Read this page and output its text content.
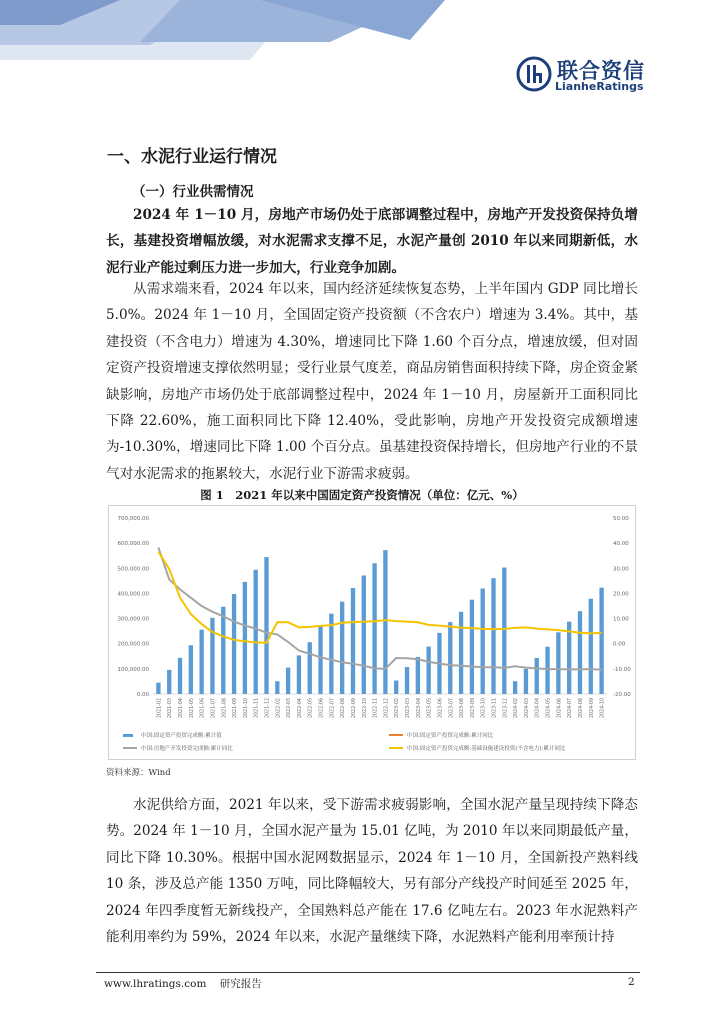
联合资信
LianheRatings
一、水泥行业运行情况
（一）行业供需情况
2024 年 1－10 月，房地产市场仍处于底部调整过程中，房地产开发投资保持负增长，基建投资增幅放缓，对水泥需求支撑不足，水泥产量创 2010 年以来同期新低，水泥行业产能过剩压力进一步加大，行业竞争加剧。
从需求端来看，2024 年以来，国内经济延续恢复态势，上半年国内 GDP 同比增长 5.0%。2024 年 1－10 月，全国固定资产投资额（不含农户）增速为 3.4%。其中，基建投资（不含电力）增速为 4.30%，增速同比下降 1.60 个百分点，增速放缓，但对固定资产投资增速支撑依然明显；受行业景气度差，商品房销售面积持续下降，房企资金紧缺影响，房地产市场仍处于底部调整过程中，2024 年 1－10 月，房屋新开工面积同比下降 22.60%，施工面积同比下降 12.40%，受此影响，房地产开发投资完成额增速为-10.30%，增速同比下降 1.00 个百分点。虽基建投资保持增长，但房地产行业的不景气对水泥需求的拖累较大，水泥行业下游需求疲弱。
图 1　2021 年以来中国固定资产投资情况（单位：亿元、%）
700,000.00
600,000.00
500,000.00
400,000.00
300,000.00
200,000.00
100,000.00
0.00
50.00
40.00
30.00
20.00
10.00
0.00
-10.00
-20.00
2021-02 2021-03 2021-04 2021-05 2021-06 2021-07 2021-08 2021-09 2021-10 2021-11 2021-12 2022-02 2022-03 2022-04 2022-05 2022-06 2022-07 2022-08 2022-09 2022-10 2022-11 2022-12 2023-02 2023-03 2023-04 2023-05 2023-06 2023-07 2023-08 2023-09 2023-10 2023-11 2023-12 2024-02 2024-03 2024-04 2024-05 2024-06 2024-07 2024-08 2024-09 2024-10
中国:固定资产投资完成额:累计值	中国:固定资产投资完成额:累计同比
中国:房地产开发投资完成额:累计同比	中国:固定资产投资完成额:基础设施建设投资(不含电力):累计同比
资料来源：Wind
水泥供给方面，2021 年以来，受下游需求疲弱影响，全国水泥产量呈现持续下降态势。2024 年 1－10 月，全国水泥产量为 15.01 亿吨，为 2010 年以来同期最低产量，同比下降 10.30%。根据中国水泥网数据显示，2024 年 1－10 月，全国新投产熟料线 10 条，涉及总产能 1350 万吨，同比降幅较大，另有部分产线投产时间延至 2025 年，2024 年四季度暂无新线投产，全国熟料总产能在 17.6 亿吨左右。2023 年水泥熟料产能利用率约为 59%，2024 年以来，水泥产量继续下降，水泥熟料产能利用率预计持
www.lhratings.com 研究报告	2
